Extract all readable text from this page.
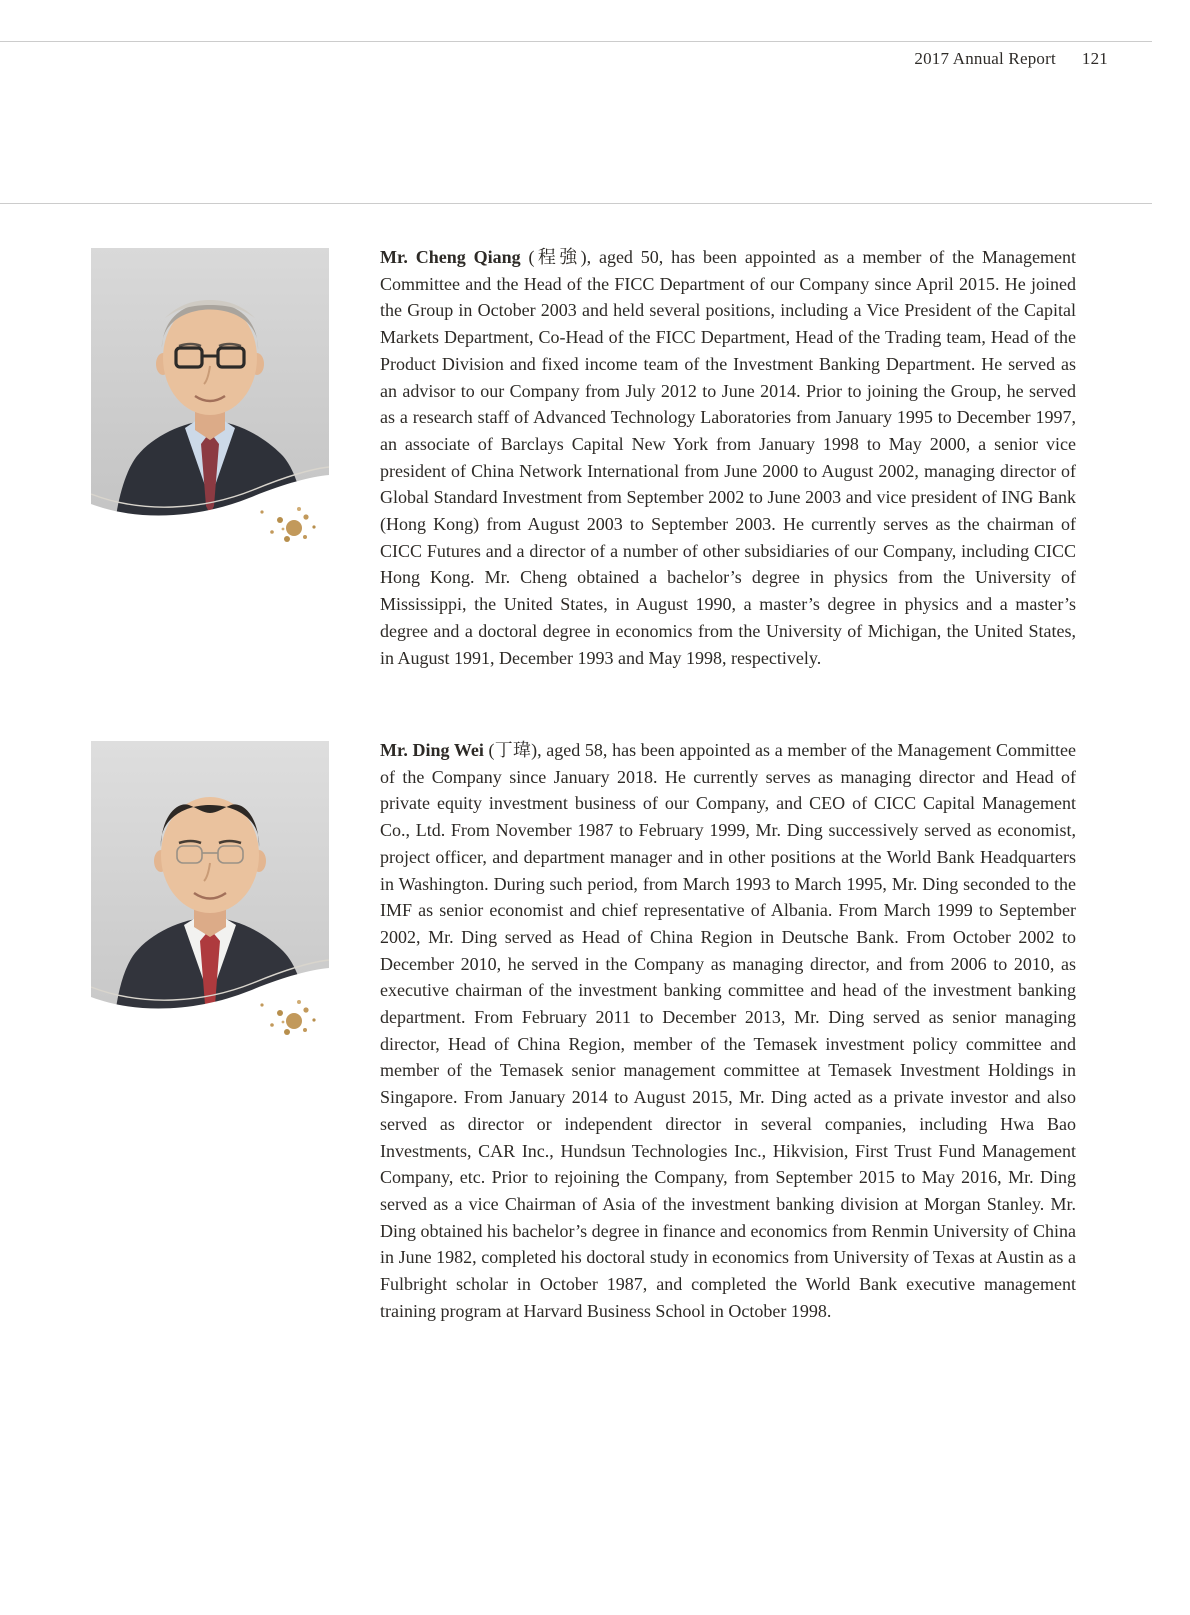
2017 Annual Report 121

Mr. Cheng Qiang (程強), aged 50, has been appointed as a member of the Management Committee and the Head of the FICC Department of our Company since April 2015. He joined the Group in October 2003 and held several positions, including a Vice President of the Capital Markets Department, Co-Head of the FICC Department, Head of the Trading team, Head of the Product Division and fixed income team of the Investment Banking Department. He served as an advisor to our Company from July 2012 to June 2014. Prior to joining the Group, he served as a research staff of Advanced Technology Laboratories from January 1995 to December 1997, an associate of Barclays Capital New York from January 1998 to May 2000, a senior vice president of China Network International from June 2000 to August 2002, managing director of Global Standard Investment from September 2002 to June 2003 and vice president of ING Bank (Hong Kong) from August 2003 to September 2003. He currently serves as the chairman of CICC Futures and a director of a number of other subsidiaries of our Company, including CICC Hong Kong. Mr. Cheng obtained a bachelor’s degree in physics from the University of Mississippi, the United States, in August 1990, a master’s degree in physics and a master’s degree and a doctoral degree in economics from the University of Michigan, the United States, in August 1991, December 1993 and May 1998, respectively.

Mr. Ding Wei (丁瑋), aged 58, has been appointed as a member of the Management Committee of the Company since January 2018. He currently serves as managing director and Head of private equity investment business of our Company, and CEO of CICC Capital Management Co., Ltd. From November 1987 to February 1999, Mr. Ding successively served as economist, project officer, and department manager and in other positions at the World Bank Headquarters in Washington. During such period, from March 1993 to March 1995, Mr. Ding seconded to the IMF as senior economist and chief representative of Albania. From March 1999 to September 2002, Mr. Ding served as Head of China Region in Deutsche Bank. From October 2002 to December 2010, he served in the Company as managing director, and from 2006 to 2010, as executive chairman of the investment banking committee and head of the investment banking department. From February 2011 to December 2013, Mr. Ding served as senior managing director, Head of China Region, member of the Temasek investment policy committee and member of the Temasek senior management committee at Temasek Investment Holdings in Singapore. From January 2014 to August 2015, Mr. Ding acted as a private investor and also served as director or independent director in several companies, including Hwa Bao Investments, CAR Inc., Hundsun Technologies Inc., Hikvision, First Trust Fund Management Company, etc. Prior to rejoining the Company, from September 2015 to May 2016, Mr. Ding served as a vice Chairman of Asia of the investment banking division at Morgan Stanley. Mr. Ding obtained his bachelor’s degree in finance and economics from Renmin University of China in June 1982, completed his doctoral study in economics from University of Texas at Austin as a Fulbright scholar in October 1987, and completed the World Bank executive management training program at Harvard Business School in October 1998.
